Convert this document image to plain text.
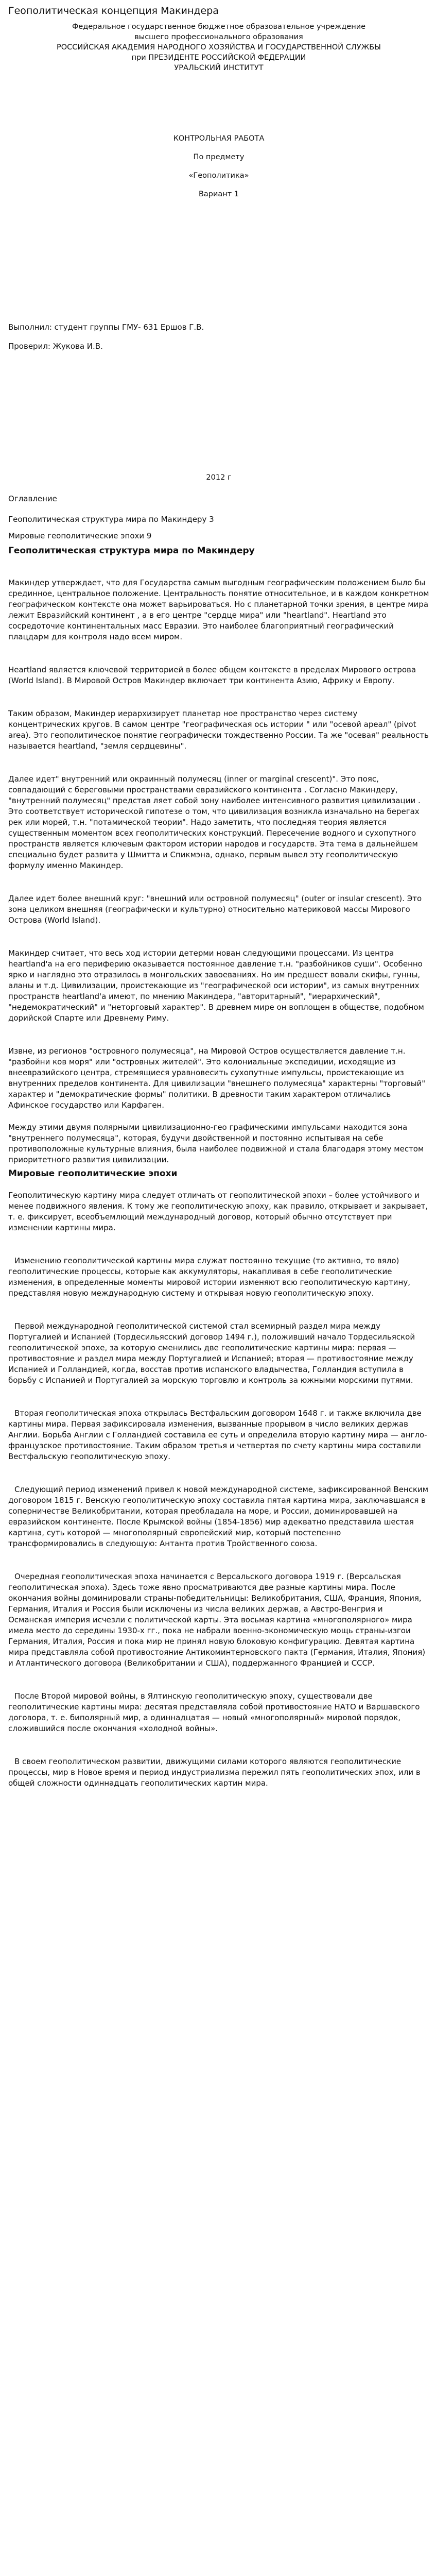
Геополитическая концепция Макиндера
Федеральное государственное бюджетное образовательное учреждение
высшего профессионального образования
РОССИЙСКАЯ АКАДЕМИЯ НАРОДНОГО ХОЗЯЙСТВА И ГОСУДАРСТВЕННОЙ СЛУЖБЫ
при ПРЕЗИДЕНТЕ РОССИЙСКОЙ ФЕДЕРАЦИИ
УРАЛЬСКИЙ ИНСТИТУТ
КОНТРОЛЬНАЯ РАБОТА
По предмету
«Геополитика»
Вариант 1
Выполнил: студент группы ГМУ- 631 Ершов Г.В.
Проверил: Жукова И.В.
2012 г
Оглавление
Геополитическая структура мира по Макиндеру 3
Мировые геополитические эпохи 9
Геополитическая структура мира по Макиндеру

Макиндер утверждает, что для Государства самым выгодным географическим положением было бы срединное, центральное положение. Центральность понятие относительное, и в каждом конкретном географическом контексте она может варьироваться. Но с планетарной точки зрения, в центре мира лежит Евразийский континент , а в его центре "сердце мира" или "heartland". Heartland это сосредоточие континентальных масс Евразии. Это наиболее благоприятный географический плацдарм для контроля надо всем миром.

Heartland является ключевой территорией в более общем контексте в пределах Мирового острова (World Island). В Мировой Остров Макиндер включает три континента Азию, Африку и Европу.

Таким образом, Макиндер иерархизирует планетар ное пространство через систему концентрических кругов. В самом центре "географическая ось истории " или "осевой ареал" (pivot area). Это геополитическое понятие географически тождественно России. Та же "осевая" реальность называется heartland, "земля сердцевины".

Далее идет" внутренний или окраинный полумесяц (inner or marginal crescent)". Это пояс, совпадающий с береговыми пространствами евразийского континента . Согласно Макиндеру, "внутренний полумесяц" представ ляет собой зону наиболее интенсивного развития цивилизации . Это соответствует исторической гипотезе о том, что цивилизация возникла изначально на берегах рек или морей, т.н. "потамической теории". Надо заметить, что последняя теория является существенным моментом всех геополитических конструкций. Пересечение водного и сухопутного пространств является ключевым фактором истории народов и государств. Эта тема в дальнейшем специально будет развита у Шмитта и Спикмэна, однако, первым вывел эту геополитическую формулу именно Макиндер.

Далее идет более внешний круг: "внешний или островной полумесяц" (outer or insular crescent). Это зона целиком внешняя (географически и культурно) относительно материковой массы Мирового Острова (World Island).

Макиндер считает, что весь ход истории детерми нован следующими процессами. Из центра heartland'a на его периферию оказывается постоянное давление т.н. "разбойников суши". Особенно ярко и наглядно это отразилось в монгольских завоеваниях. Но им предшест вовали скифы, гунны, аланы и т.д. Цивилизации, проистекающие из "географической оси истории", из самых внутренних пространств heartland'a имеют, по мнению Макиндера, "авторитарный", "иерархический", "недемократический" и "неторговый характер". В древнем мире он воплощен в обществе, подобном дорийской Спарте или Древнему Риму.

Извне, из регионов "островного полумесяца", на Мировой Остров осуществляется давление т.н. "разбойни ков моря" или "островных жителей". Это колониальные экспедиции, исходящие из внеевразийского центра, стремящиеся уравновесить сухопутные импульсы, проистекающие из внутренних пределов континента. Для цивилизации "внешнего полумесяца" характерны "торговый" характер и "демократические формы" политики. В древности таким характером отличались Афинское государство или Карфаген.

Между этими двумя полярными цивилизационно-гео графическими импульсами находится зона "внутреннего полумесяца", которая, будучи двойственной и постоянно испытывая на себе противоположные культурные влияния, была наиболее подвижной и стала благодаря этому местом приоритетного развития цивилизации.

Мировые геополитические эпохи

Геополитическую картину мира следует отличать от геополитической эпохи – более устойчивого и менее подвижного явления. К тому же геополитическую эпоху, как правило, открывает и закрывает, т. е. фиксирует, всеобъемлющий международный договор, который обычно отсутствует при изменении картины мира.

Изменению геополитической картины мира служат постоянно текущие (то активно, то вяло) геополитические процессы, которые как аккумуляторы, накапливая в себе геополитические изменения, в определенные моменты мировой истории изменяют всю геополитическую картину, представляя новую международную систему и открывая новую геополитическую эпоху.

Первой международной геополитической системой стал всемирный раздел мира между Португалией и Испанией (Тордесильясский договор 1494 г.), положивший начало Тордесильяской геополитической эпохе, за которую сменились две геополитические картины мира: первая — противостояние и раздел мира между Португалией и Испанией; вторая — противостояние между Испанией и Голландией, когда, восстав против испанского владычества, Голландия вступила в борьбу с Испанией и Португалией за морскую торговлю и контроль за южными морскими путями.

Вторая геополитическая эпоха открылась Вестфальским договором 1648 г. и также включила две картины мира. Первая зафиксировала изменения, вызванные прорывом в число великих держав Англии. Борьба Англии с Голландией составила ее суть и определила вторую картину мира — англо-французское противостояние. Таким образом третья и четвертая по счету картины мира составили Вестфальскую геополитическую эпоху.

Следующий период изменений привел к новой международной системе, зафиксированной Венским договором 1815 г. Венскую геополитическую эпоху составила пятая картина мира, заключавшаяся в соперничестве Великобритании, которая преобладала на море, и России, доминировавшей на евразийском континенте. После Крымской войны (1854-1856) мир адекватно представила шестая картина, суть которой — многополярный европейский мир, который постепенно трансформировались в следующую: Антанта против Тройственного союза.

Очередная геополитическая эпоха начинается с Версальского договора 1919 г. (Версальская геополитическая эпоха). Здесь тоже явно просматриваются две разные картины мира. После окончания войны доминировали страны-победительницы: Великобритания, США, Франция, Япония, Германия, Италия и Россия были исключены из числа великих держав, а Австро-Венгрия и Османская империя исчезли с политической карты. Эта восьмая картина «многополярного» мира имела место до середины 1930-х гг., пока не набрали военно-экономическую мощь страны-изгои Германия, Италия, Россия и пока мир не принял новую блоковую конфигурацию. Девятая картина мира представляла собой противостояние Антикоминтерновского пакта (Германия, Италия, Япония) и Атлантического договора (Великобритании и США), поддержанного Францией и СССР.

После Второй мировой войны, в Ялтинскую геополитическую эпоху, существовали две геополитические картины мира: десятая представляла собой противостояние НАТО и Варшавского договора, т. е. биполярный мир, а одиннадцатая — новый «многополярный» мировой порядок, сложившийся после окончания «холодной войны».

В своем геополитическом развитии, движущими силами которого являются геополитические процессы, мир в Новое время и период индустриализма пережил пять геополитических эпох, или в общей сложности одиннадцать геополитических картин мира.
